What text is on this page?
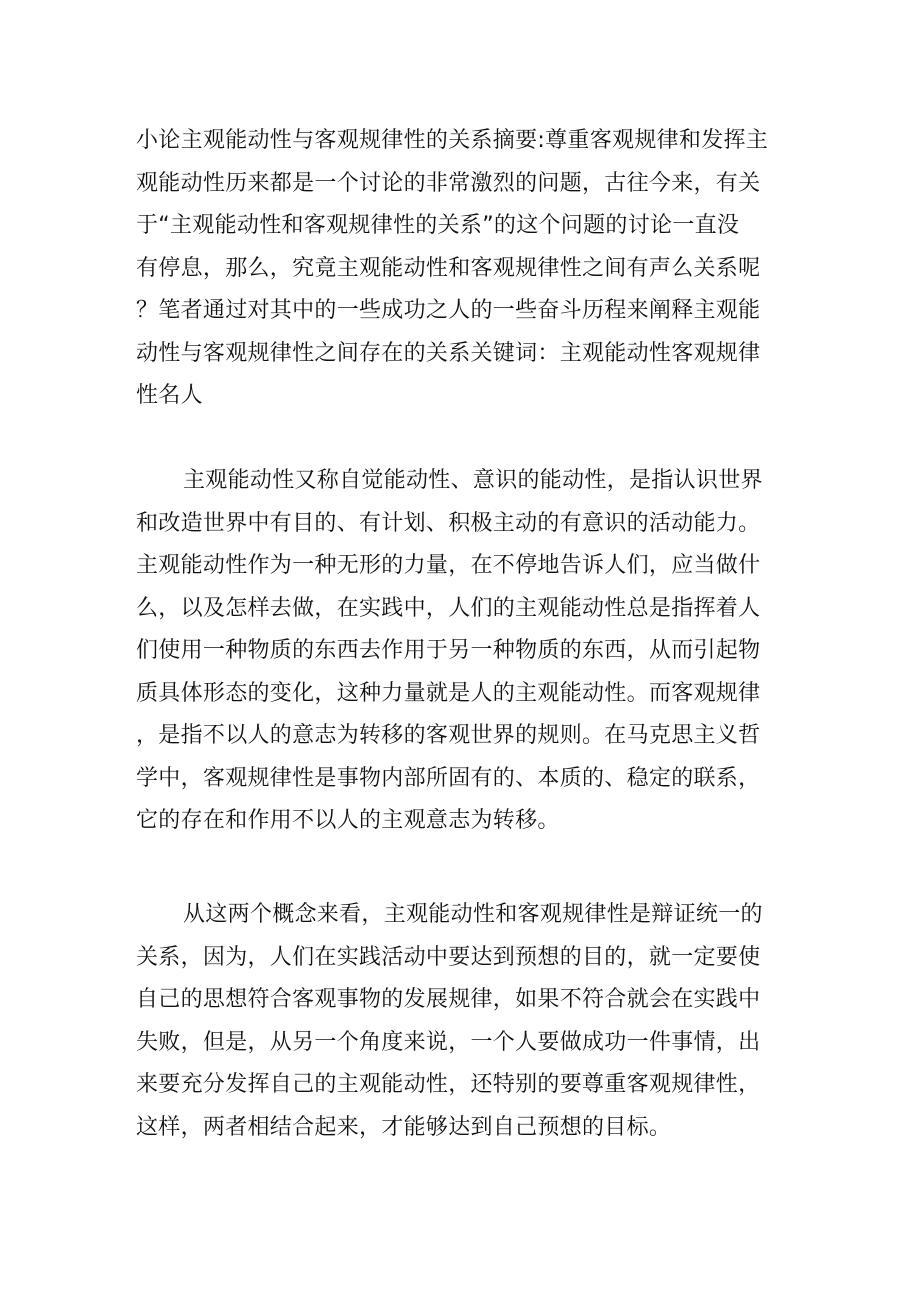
小论主观能动性与客观规律性的关系摘要:尊重客观规律和发挥主
观能动性历来都是一个讨论的非常激烈的问题，古往今来，有关
于“主观能动性和客观规律性的关系”的这个问题的讨论一直没
有停息，那么，究竟主观能动性和客观规律性之间有声么关系呢
？笔者通过对其中的一些成功之人的一些奋斗历程来阐释主观能
动性与客观规律性之间存在的关系关键词：主观能动性客观规律
性名人
主观能动性又称自觉能动性、意识的能动性，是指认识世界
和改造世界中有目的、有计划、积极主动的有意识的活动能力。
主观能动性作为一种无形的力量，在不停地告诉人们，应当做什
么，以及怎样去做，在实践中，人们的主观能动性总是指挥着人
们使用一种物质的东西去作用于另一种物质的东西，从而引起物
质具体形态的变化，这种力量就是人的主观能动性。而客观规律
，是指不以人的意志为转移的客观世界的规则。在马克思主义哲
学中，客观规律性是事物内部所固有的、本质的、稳定的联系，
它的存在和作用不以人的主观意志为转移。
从这两个概念来看，主观能动性和客观规律性是辩证统一的
关系，因为，人们在实践活动中要达到预想的目的，就一定要使
自己的思想符合客观事物的发展规律，如果不符合就会在实践中
失败，但是，从另一个角度来说，一个人要做成功一件事情，出
来要充分发挥自己的主观能动性，还特别的要尊重客观规律性，
这样，两者相结合起来，才能够达到自己预想的目标。
